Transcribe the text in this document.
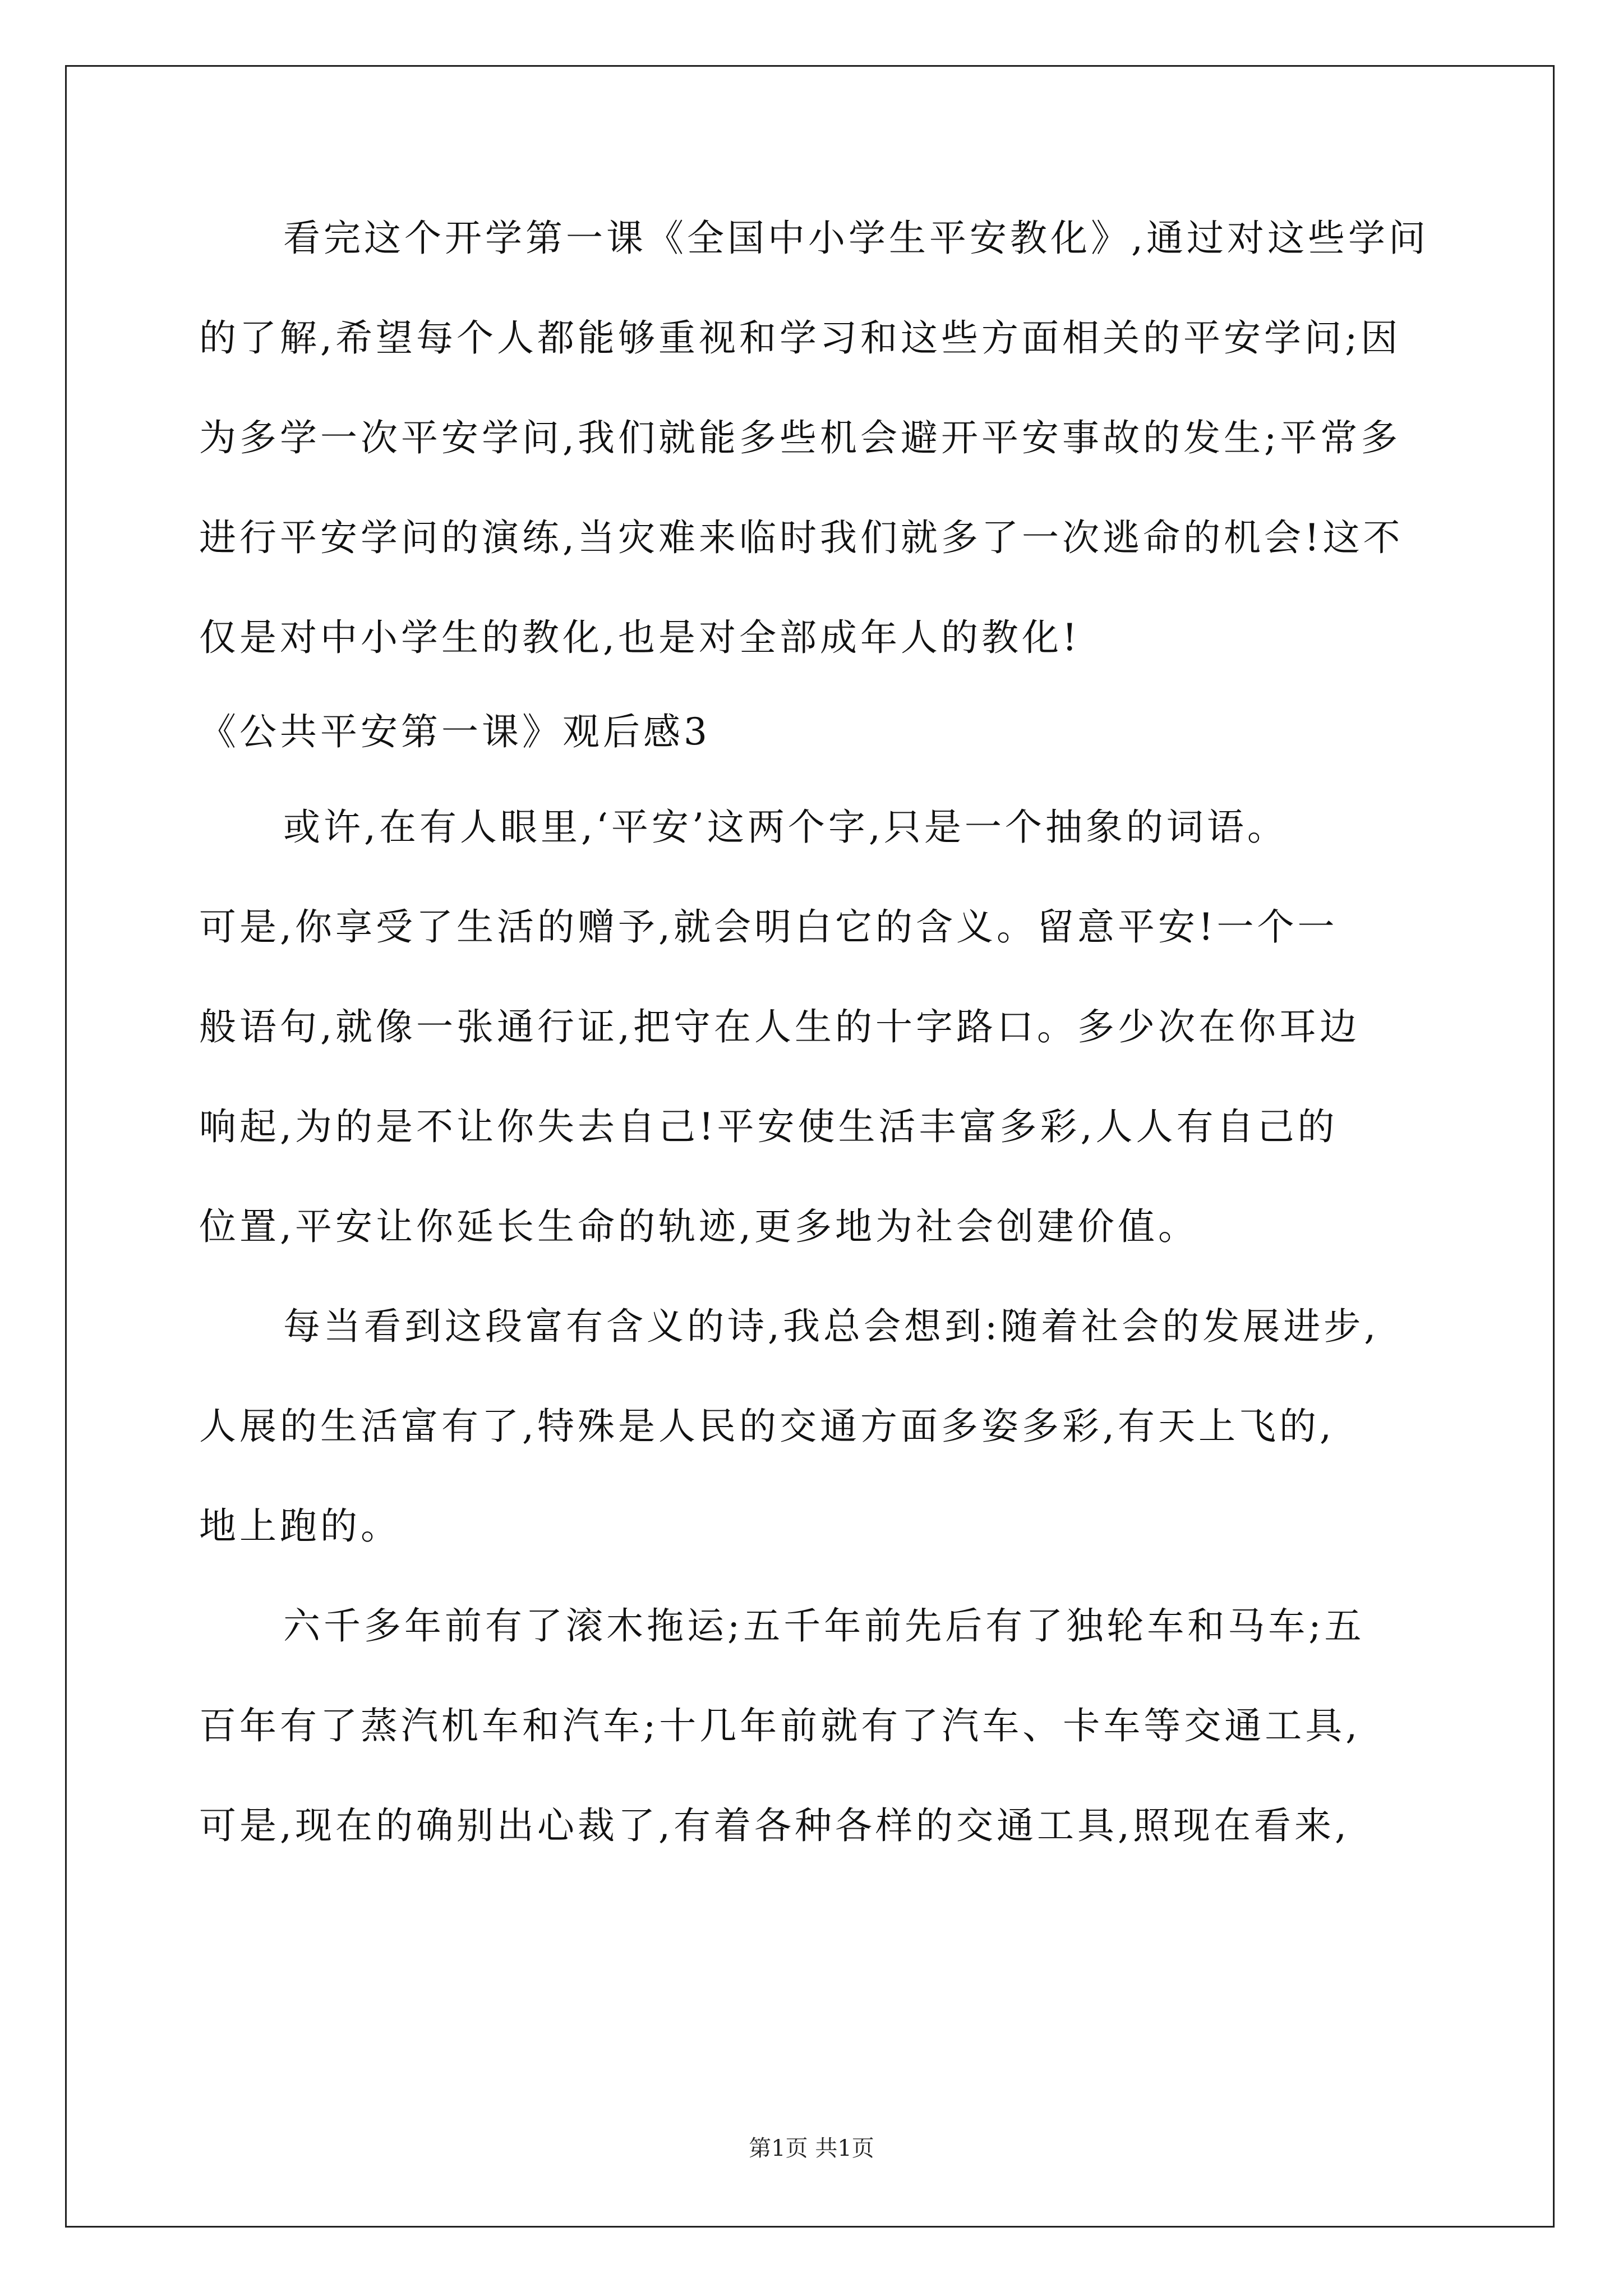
看完这个开学第一课《全国中小学生平安教化》,通过对这些学问
的了解,希望每个人都能够重视和学习和这些方面相关的平安学问;因
为多学一次平安学问,我们就能多些机会避开平安事故的发生;平常多
进行平安学问的演练,当灾难来临时我们就多了一次逃命的机会!这不
仅是对中小学生的教化,也是对全部成年人的教化!
《公共平安第一课》观后感3
或许,在有人眼里,‘平安’这两个字,只是一个抽象的词语。
可是,你享受了生活的赠予,就会明白它的含义。留意平安!一个一
般语句,就像一张通行证,把守在人生的十字路口。多少次在你耳边
响起,为的是不让你失去自己!平安使生活丰富多彩,人人有自己的
位置,平安让你延长生命的轨迹,更多地为社会创建价值。
每当看到这段富有含义的诗,我总会想到:随着社会的发展进步,
人展的生活富有了,特殊是人民的交通方面多姿多彩,有天上飞的,
地上跑的。
六千多年前有了滚木拖运;五千年前先后有了独轮车和马车;五
百年有了蒸汽机车和汽车;十几年前就有了汽车、卡车等交通工具,
可是,现在的确别出心裁了,有着各种各样的交通工具,照现在看来,
第1页 共1页
